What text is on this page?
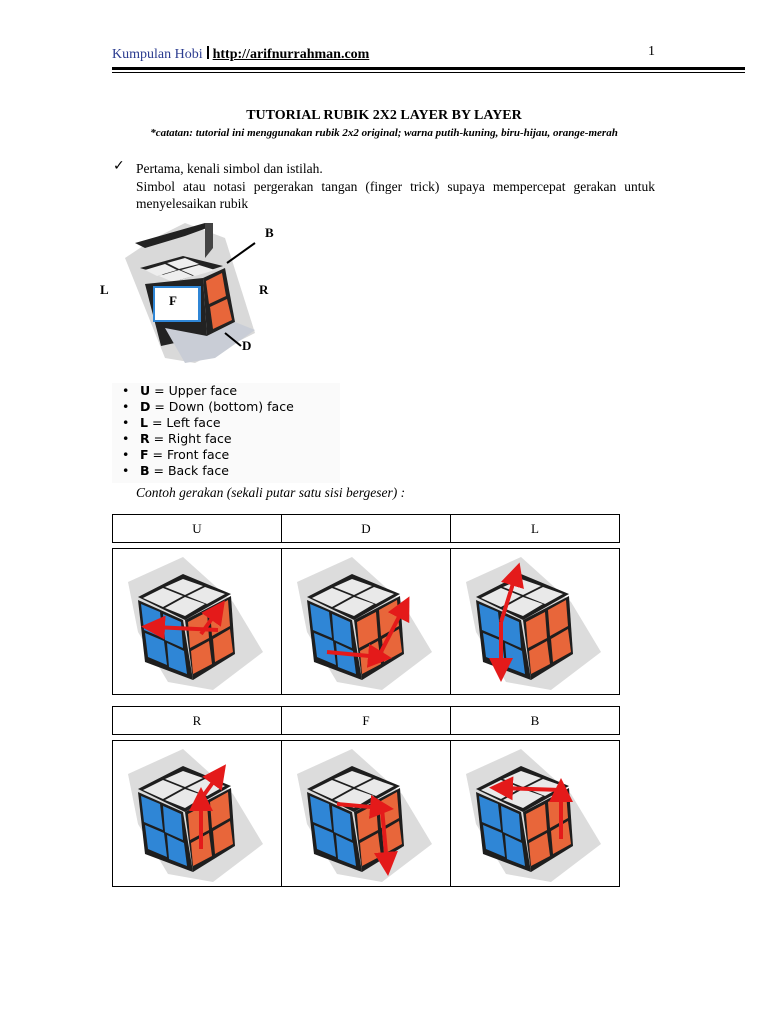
Kumpulan Hobi http://arifnurrahman.com	1
TUTORIAL RUBIK 2X2 LAYER BY LAYER
*catatan: tutorial ini menggunakan rubik 2x2 original; warna putih-kuning, biru-hijau, orange-merah
✓ Pertama, kenali simbol dan istilah.
Simbol atau notasi pergerakan tangan (finger trick) supaya mempercepat gerakan untuk menyelesaikan rubik
B
L
F
R
D
• U = Upper face
• D = Down (bottom) face
• L = Left face
• R = Right face
• F = Front face
• B = Back face
Contoh gerakan (sekali putar satu sisi bergeser) :
U	D	L
R	F	B
